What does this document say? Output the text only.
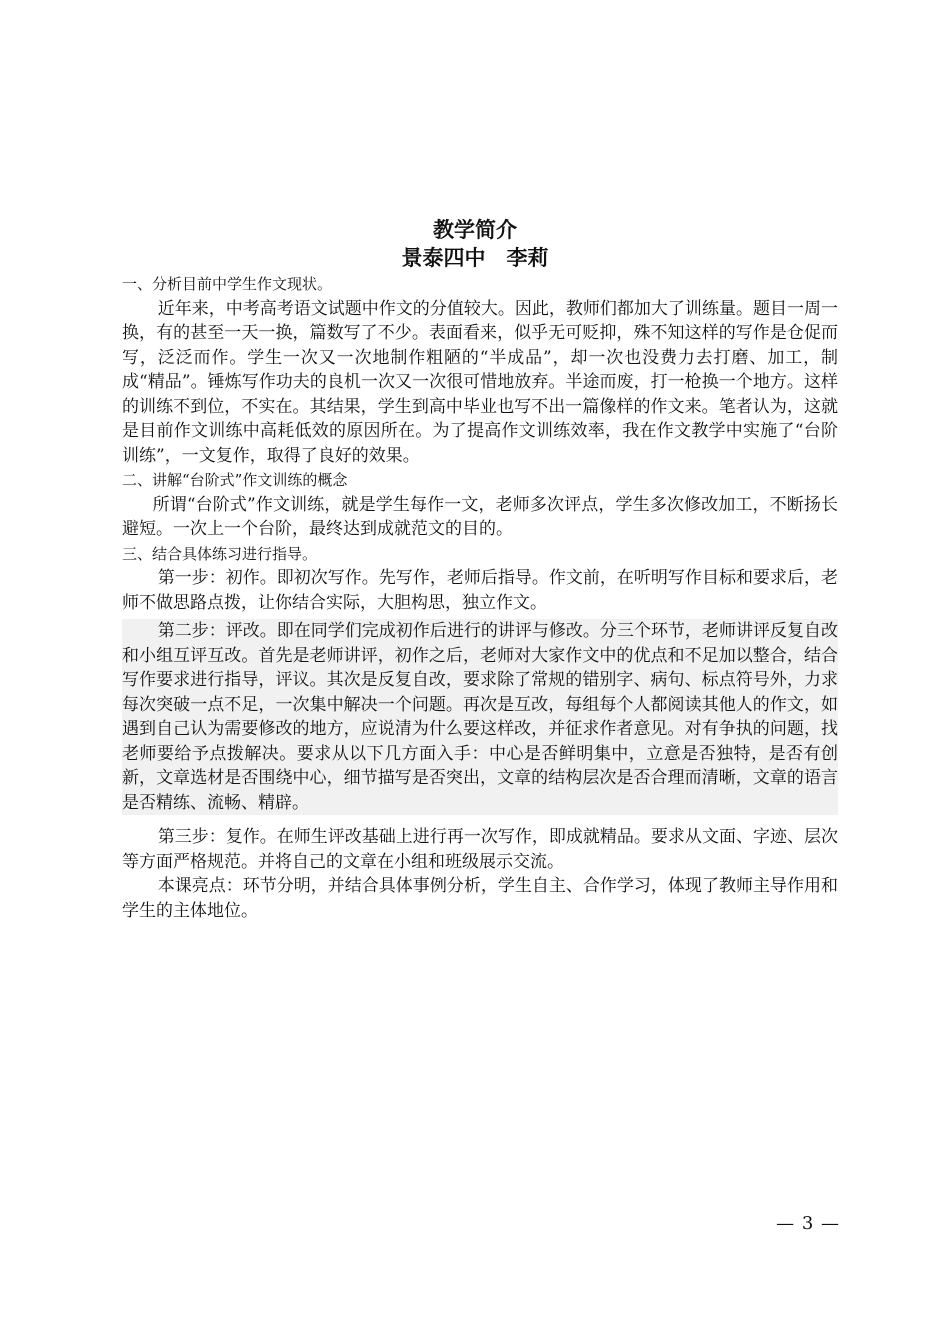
教学简介
景泰四中　李莉

一、分析目前中学生作文现状。

近年来，中考高考语文试题中作文的分值较大。因此，教师们都加大了训练量。题目一周一换，有的甚至一天一换，篇数写了不少。表面看来，似乎无可贬抑，殊不知这样的写作是仓促而写，泛泛而作。学生一次又一次地制作粗陋的“半成品”，却一次也没费力去打磨、加工，制成“精品”。锤炼写作功夫的良机一次又一次很可惜地放弃。半途而废，打一枪换一个地方。这样的训练不到位，不实在。其结果，学生到高中毕业也写不出一篇像样的作文来。笔者认为，这就是目前作文训练中高耗低效的原因所在。为了提高作文训练效率，我在作文教学中实施了“台阶训练”，一文复作，取得了良好的效果。

二、讲解“台阶式”作文训练的概念

所谓“台阶式”作文训练，就是学生每作一文，老师多次评点，学生多次修改加工，不断扬长避短。一次上一个台阶，最终达到成就范文的目的。

三、结合具体练习进行指导。

第一步：初作。即初次写作。先写作，老师后指导。作文前，在听明写作目标和要求后，老师不做思路点拨，让你结合实际，大胆构思，独立作文。

第二步：评改。即在同学们完成初作后进行的讲评与修改。分三个环节，老师讲评反复自改和小组互评互改。首先是老师讲评，初作之后，老师对大家作文中的优点和不足加以整合，结合写作要求进行指导，评议。其次是反复自改，要求除了常规的错别字、病句、标点符号外，力求每次突破一点不足，一次集中解决一个问题。再次是互改，每组每个人都阅读其他人的作文，如遇到自己认为需要修改的地方，应说清为什么要这样改，并征求作者意见。对有争执的问题，找老师要给予点拨解决。要求从以下几方面入手：中心是否鲜明集中，立意是否独特，是否有创新，文章选材是否围绕中心，细节描写是否突出，文章的结构层次是否合理而清晰，文章的语言是否精练、流畅、精辟。

第三步：复作。在师生评改基础上进行再一次写作，即成就精品。要求从文面、字迹、层次等方面严格规范。并将自己的文章在小组和班级展示交流。

本课亮点：环节分明，并结合具体事例分析，学生自主、合作学习，体现了教师主导作用和学生的主体地位。

— 3 —
